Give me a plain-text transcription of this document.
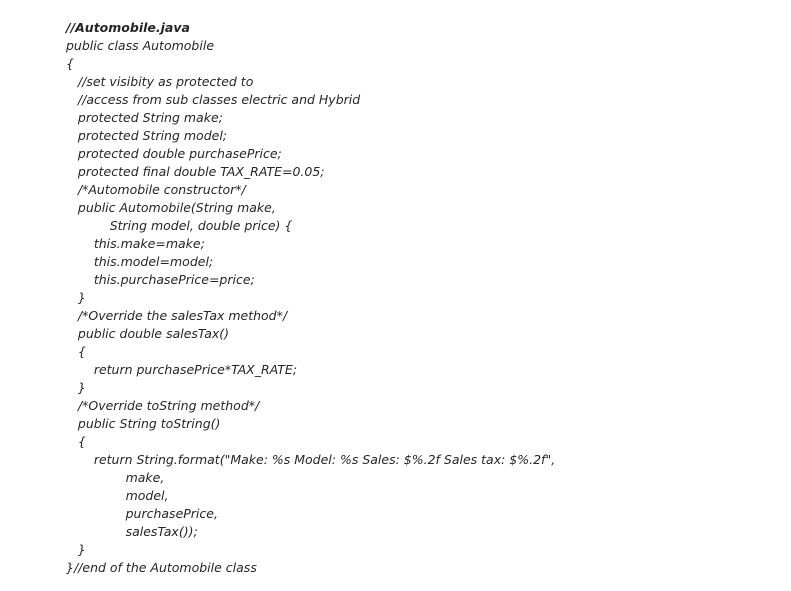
//Automobile.java
public class Automobile
{
//set visibity as protected to
//access from sub classes electric and Hybrid
protected String make;
protected String model;
protected double purchasePrice;
protected final double TAX_RATE=0.05;
/*Automobile constructor*/
public Automobile(String make,
String model, double price) {
this.make=make;
this.model=model;
this.purchasePrice=price;
}
/*Override the salesTax method*/
public double salesTax()
{
return purchasePrice*TAX_RATE;
}
/*Override toString method*/
public String toString()
{
return String.format("Make: %s Model: %s Sales: $%.2f Sales tax: $%.2f",
make,
model,
purchasePrice,
salesTax());
}
}//end of the Automobile class
